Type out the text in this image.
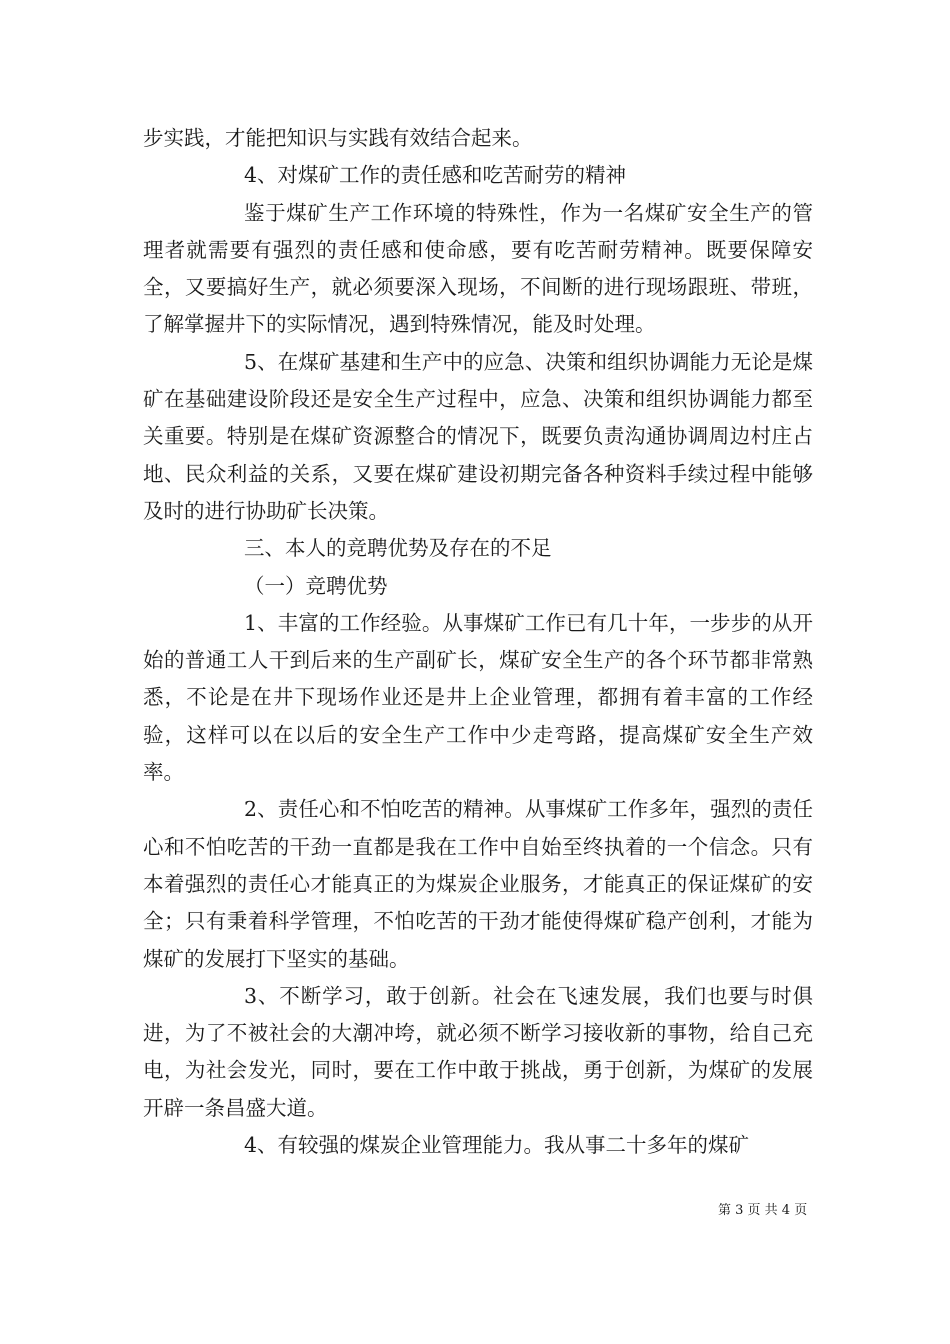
步实践，才能把知识与实践有效结合起来。

4、对煤矿工作的责任感和吃苦耐劳的精神

鉴于煤矿生产工作环境的特殊性，作为一名煤矿安全生产的管理者就需要有强烈的责任感和使命感，要有吃苦耐劳精神。既要保障安全，又要搞好生产，就必须要深入现场，不间断的进行现场跟班、带班，了解掌握井下的实际情况，遇到特殊情况，能及时处理。

5、在煤矿基建和生产中的应急、决策和组织协调能力无论是煤矿在基础建设阶段还是安全生产过程中，应急、决策和组织协调能力都至关重要。特别是在煤矿资源整合的情况下，既要负责沟通协调周边村庄占地、民众利益的关系，又要在煤矿建设初期完备各种资料手续过程中能够及时的进行协助矿长决策。

三、本人的竞聘优势及存在的不足

（一）竞聘优势

1、丰富的工作经验。从事煤矿工作已有几十年，一步步的从开始的普通工人干到后来的生产副矿长，煤矿安全生产的各个环节都非常熟悉，不论是在井下现场作业还是井上企业管理，都拥有着丰富的工作经验，这样可以在以后的安全生产工作中少走弯路，提高煤矿安全生产效率。

2、责任心和不怕吃苦的精神。从事煤矿工作多年，强烈的责任心和不怕吃苦的干劲一直都是我在工作中自始至终执着的一个信念。只有本着强烈的责任心才能真正的为煤炭企业服务，才能真正的保证煤矿的安全；只有秉着科学管理，不怕吃苦的干劲才能使得煤矿稳产创利，才能为煤矿的发展打下坚实的基础。

3、不断学习，敢于创新。社会在飞速发展，我们也要与时俱进，为了不被社会的大潮冲垮，就必须不断学习接收新的事物，给自己充电，为社会发光，同时，要在工作中敢于挑战，勇于创新，为煤矿的发展开辟一条昌盛大道。

4、有较强的煤炭企业管理能力。我从事二十多年的煤矿

第 3 页 共 4 页
